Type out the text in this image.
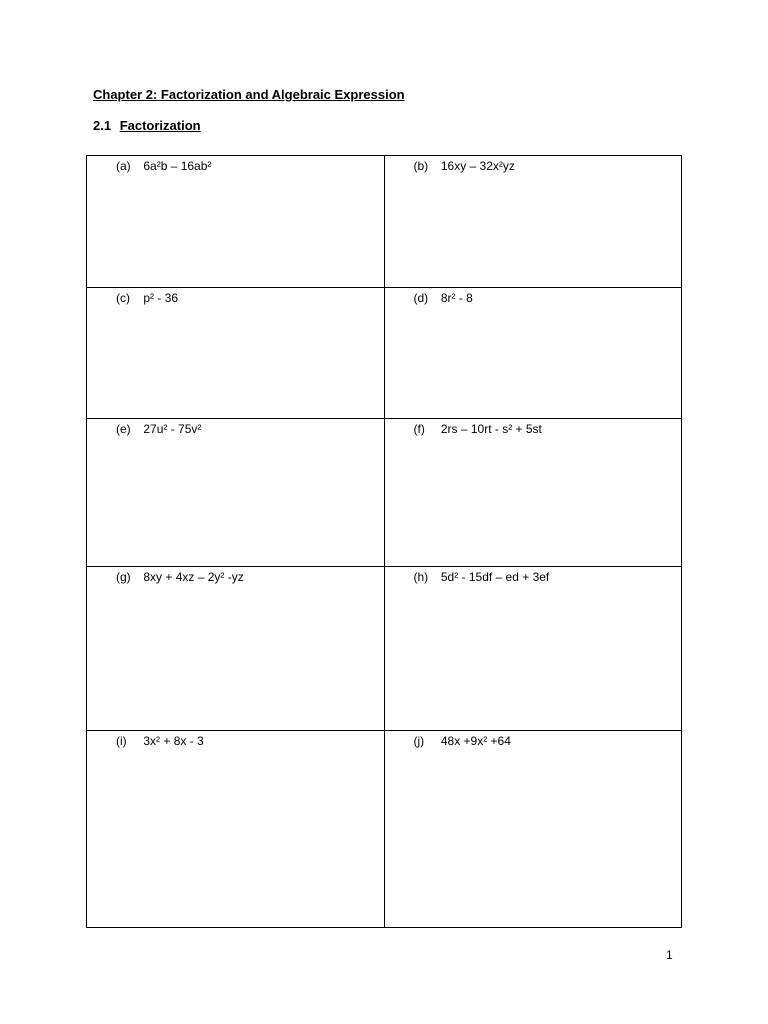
Chapter 2: Factorization and Algebraic Expression
2.1 Factorization
(a) 6a²b – 16ab²	(b) 16xy – 32x²yz
(c) p² - 36	(d) 8r² - 8
(e) 27u² - 75v²	(f) 2rs – 10rt - s² + 5st
(g) 8xy + 4xz – 2y² -yz	(h) 5d² - 15df – ed + 3ef
(i) 3x² + 8x - 3	(j) 48x +9x² +64
1
